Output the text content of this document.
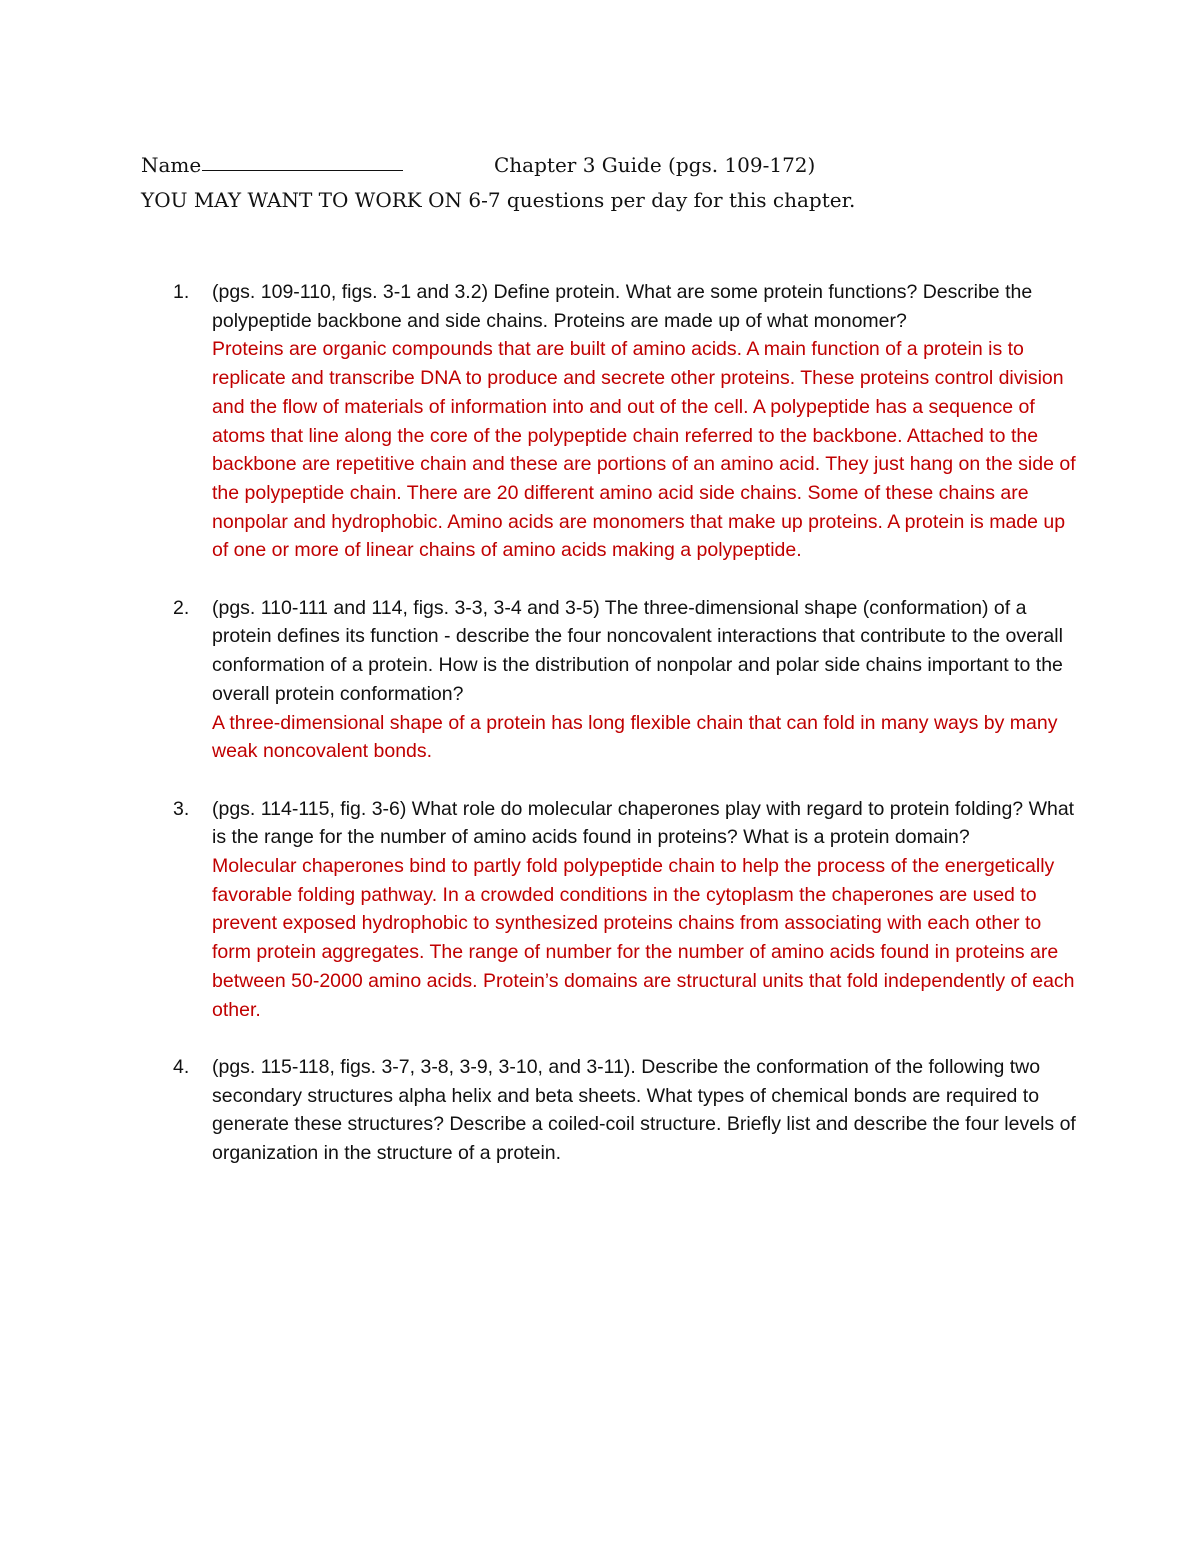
Name	Chapter 3 Guide (pgs. 109-172)
YOU MAY WANT TO WORK ON 6-7 questions per day for this chapter.
1. (pgs. 109-110, figs. 3-1 and 3.2) Define protein. What are some protein functions? Describe the polypeptide backbone and side chains. Proteins are made up of what monomer?
Proteins are organic compounds that are built of amino acids. A main function of a protein is to replicate and transcribe DNA to produce and secrete other proteins. These proteins control division and the flow of materials of information into and out of the cell. A polypeptide has a sequence of atoms that line along the core of the polypeptide chain referred to the backbone. Attached to the backbone are repetitive chain and these are portions of an amino acid. They just hang on the side of the polypeptide chain. There are 20 different amino acid side chains. Some of these chains are nonpolar and hydrophobic. Amino acids are monomers that make up proteins. A protein is made up of one or more of linear chains of amino acids making a polypeptide.
2. (pgs. 110-111 and 114, figs. 3-3, 3-4 and 3-5) The three-dimensional shape (conformation) of a protein defines its function - describe the four noncovalent interactions that contribute to the overall conformation of a protein. How is the distribution of nonpolar and polar side chains important to the overall protein conformation?
A three-dimensional shape of a protein has long flexible chain that can fold in many ways by many weak noncovalent bonds.
3. (pgs. 114-115, fig. 3-6) What role do molecular chaperones play with regard to protein folding? What is the range for the number of amino acids found in proteins? What is a protein domain?
Molecular chaperones bind to partly fold polypeptide chain to help the process of the energetically favorable folding pathway. In a crowded conditions in the cytoplasm the chaperones are used to prevent exposed hydrophobic to synthesized proteins chains from associating with each other to form protein aggregates. The range of number for the number of amino acids found in proteins are between 50-2000 amino acids. Protein’s domains are structural units that fold independently of each other.
4. (pgs. 115-118, figs. 3-7, 3-8, 3-9, 3-10, and 3-11). Describe the conformation of the following two secondary structures alpha helix and beta sheets. What types of chemical bonds are required to generate these structures? Describe a coiled-coil structure. Briefly list and describe the four levels of organization in the structure of a protein.
